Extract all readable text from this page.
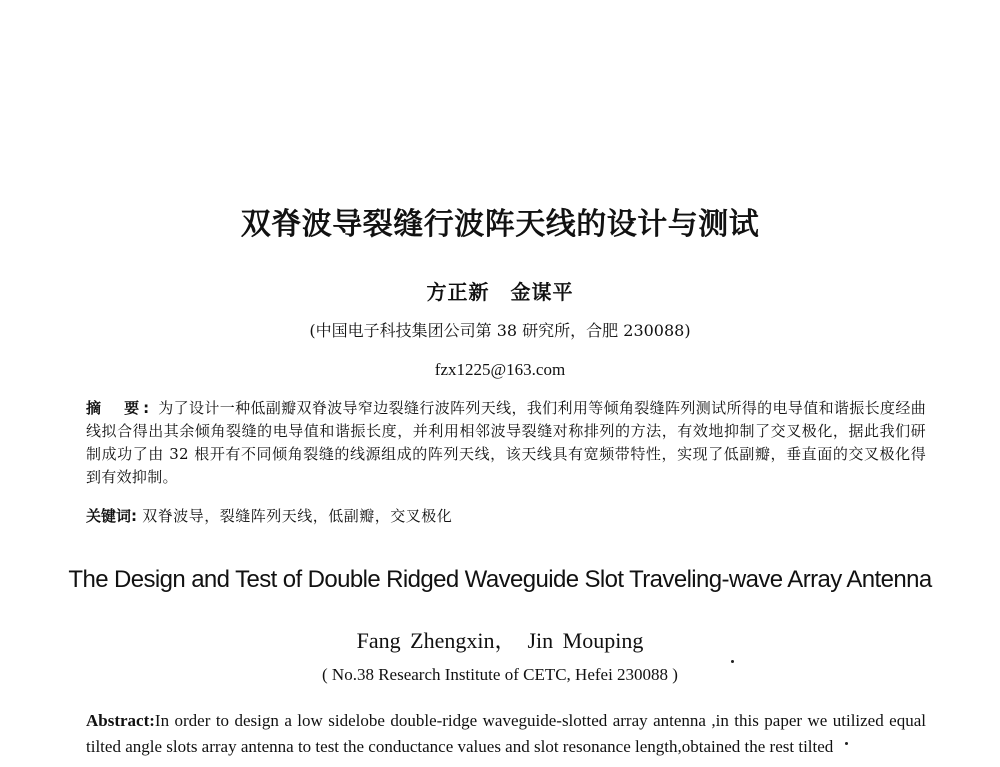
双脊波导裂缝行波阵天线的设计与测试
方正新　金谋平
(中国电子科技集团公司第 38 研究所，合肥 230088)
fzx1225@163.com

摘　要: 为了设计一种低副瓣双脊波导窄边裂缝行波阵列天线，我们利用等倾角裂缝阵列测试所得的电导值和谐振长度经曲线拟合得出其余倾角裂缝的电导值和谐振长度，并利用相邻波导裂缝对称排列的方法，有效地抑制了交叉极化，据此我们研制成功了由 32 根开有不同倾角裂缝的线源组成的阵列天线，该天线具有宽频带特性，实现了低副瓣，垂直面的交叉极化得到有效抑制。

关键词: 双脊波导，裂缝阵列天线，低副瓣，交叉极化
The Design and Test of Double Ridged Waveguide Slot Traveling-wave Array Antenna
Fang Zhengxin，　Jin Mouping
( No.38 Research Institute of CETC, Hefei 230088 )
Abstract:In order to design a low sidelobe double-ridge waveguide-slotted array antenna ,in this paper we utilized equal tilted angle slots array antenna to test the conductance values and slot resonance length,obtained the rest tilted
